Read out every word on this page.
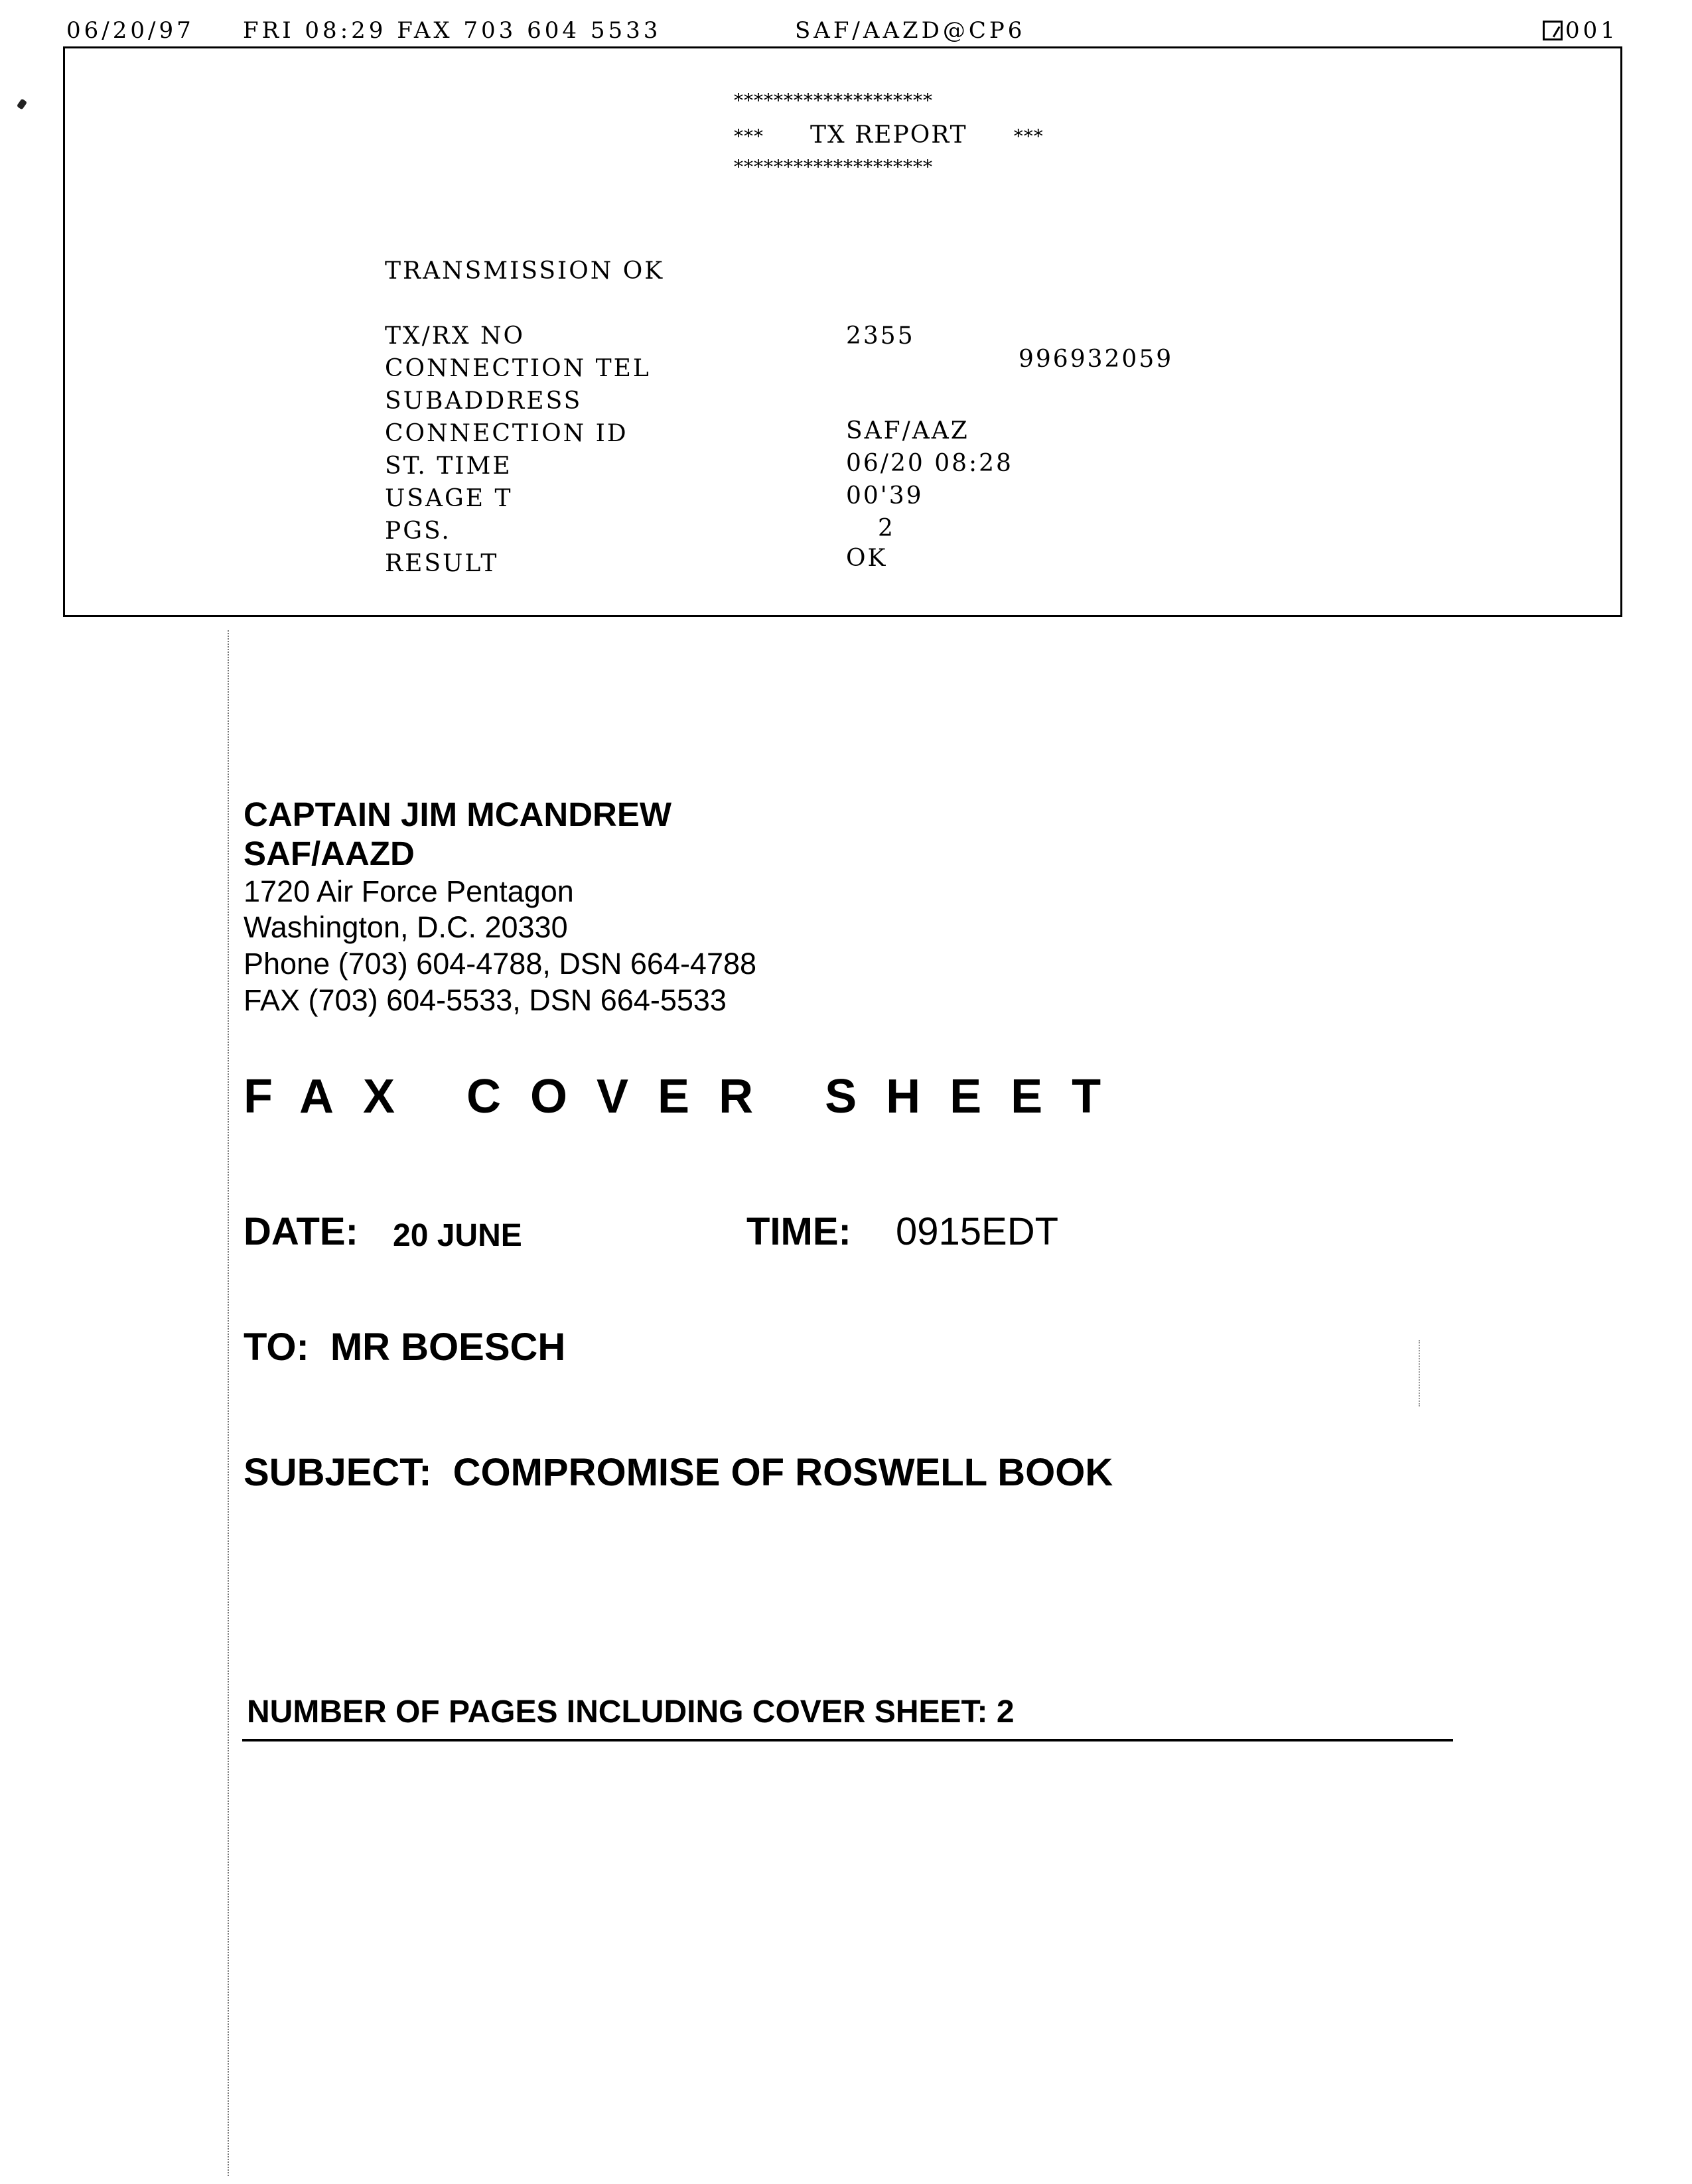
06/20/97 FRI 08:29 FAX 703 604 5533	SAF/AAZD@CP6	001
********************
*** TX REPORT	***
********************
TRANSMISSION OK
TX/RX NO	2355
CONNECTION TEL	996932059
SUBADDRESS
CONNECTION ID	SAF/AAZ
ST. TIME	06/20 08:28
USAGE T	00'39
PGS.	2
RESULT	OK
CAPTAIN JIM MCANDREW
SAF/AAZD
1720 Air Force Pentagon
Washington, D.C. 20330
Phone (703) 604-4788, DSN 664-4788
FAX (703) 604-5533, DSN 664-5533
FAX COVER SHEET
DATE: 20 JUNE	TIME: 0915EDT
TO: MR BOESCH
SUBJECT: COMPROMISE OF ROSWELL BOOK
NUMBER OF PAGES INCLUDING COVER SHEET: 2
